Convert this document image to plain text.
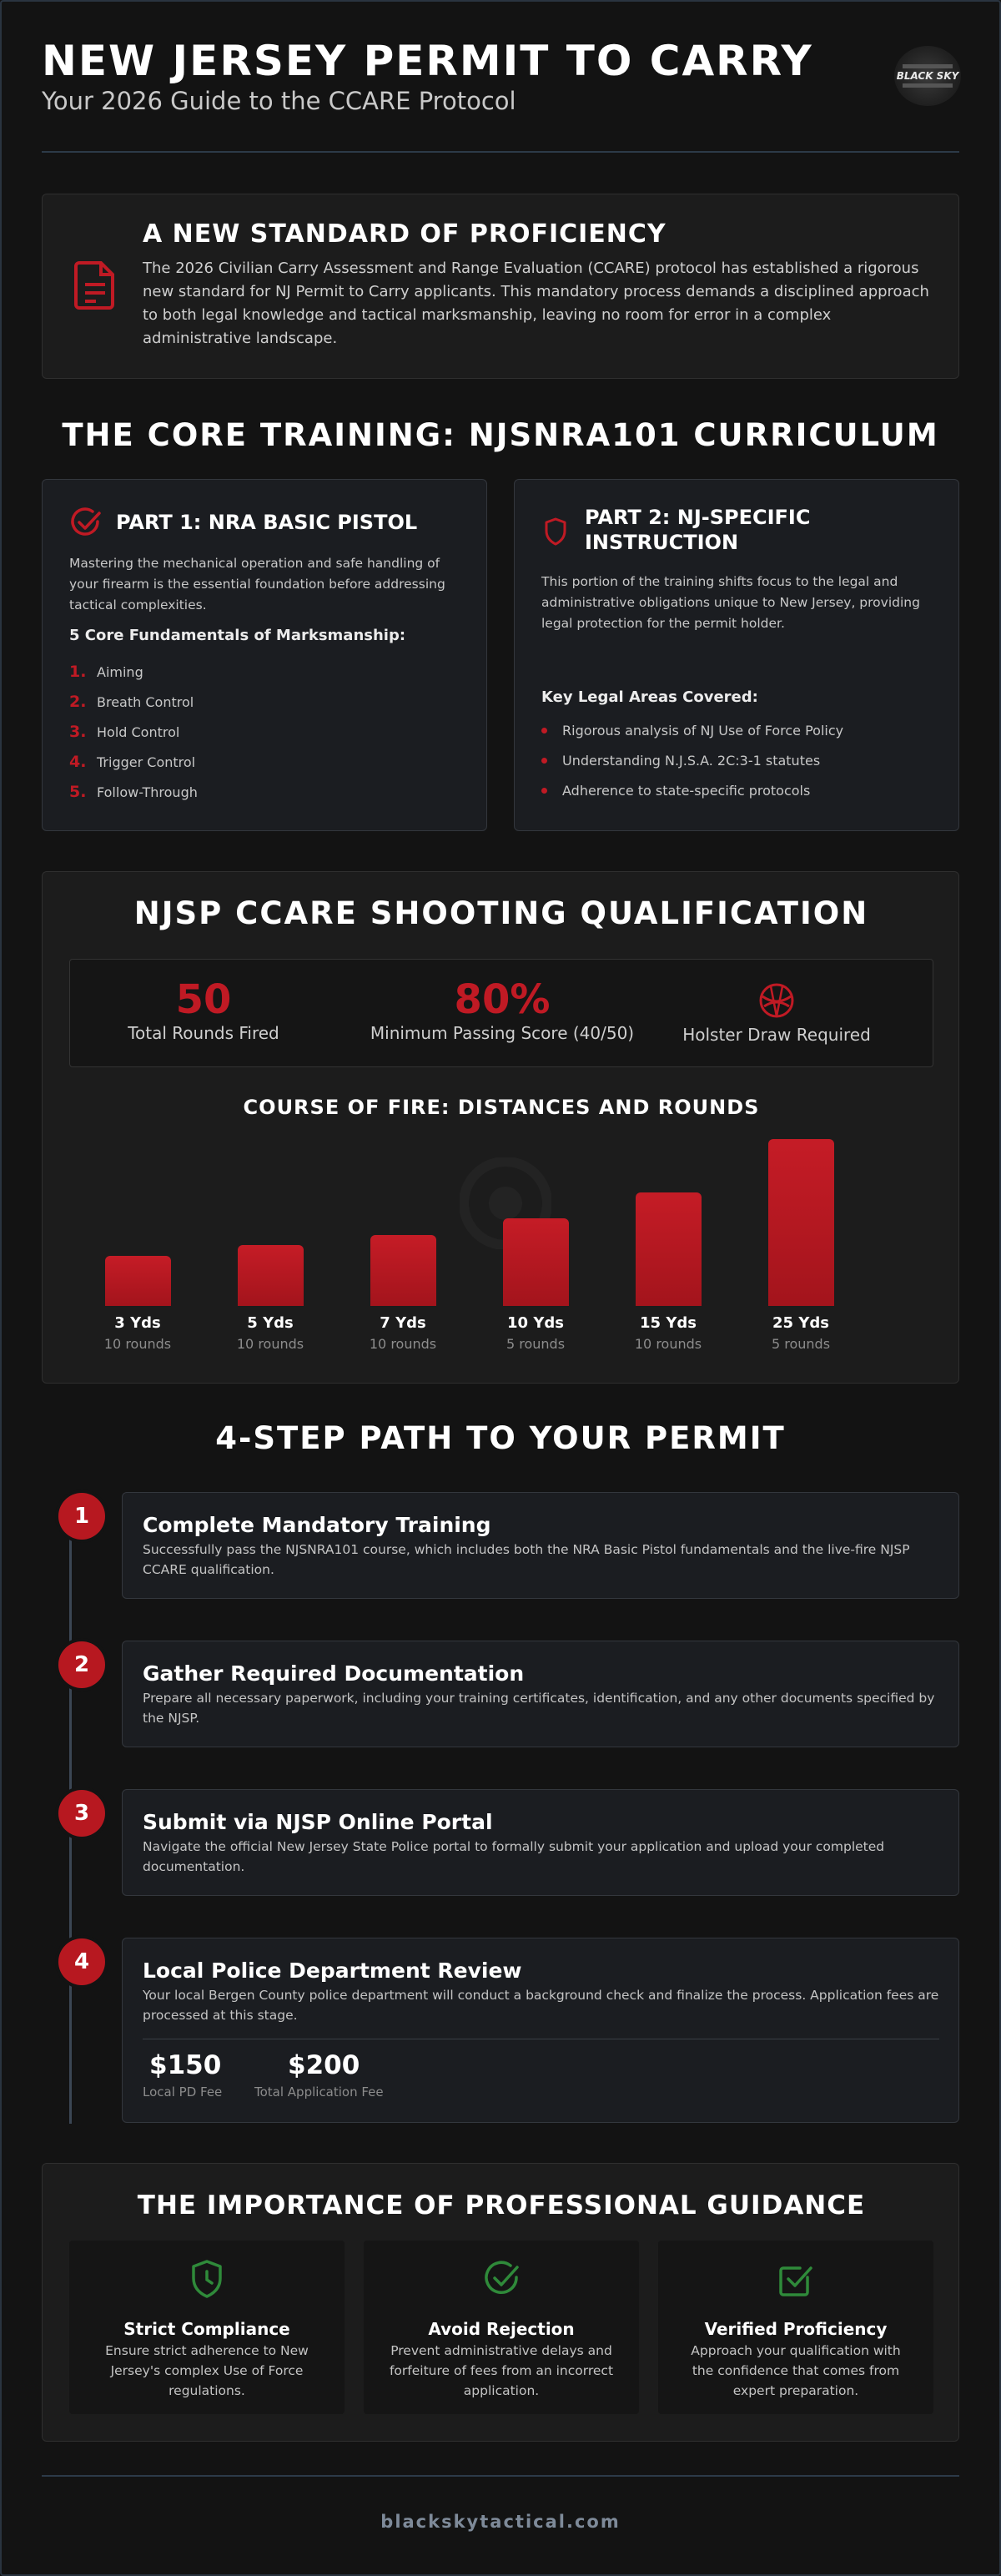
NEW JERSEY PERMIT TO CARRY
Your 2026 Guide to the CCARE Protocol
BLACK SKY
A NEW STANDARD OF PROFICIENCY
The 2026 Civilian Carry Assessment and Range Evaluation (CCARE) protocol has established a rigorous new standard for NJ Permit to Carry applicants. This mandatory process demands a disciplined approach to both legal knowledge and tactical marksmanship, leaving no room for error in a complex administrative landscape.
THE CORE TRAINING: NJSNRA101 CURRICULUM
PART 1: NRA BASIC PISTOL
Mastering the mechanical operation and safe handling of your firearm is the essential foundation before addressing tactical complexities.
5 Core Fundamentals of Marksmanship:
1. Aiming
2. Breath Control
3. Hold Control
4. Trigger Control
5. Follow-Through
PART 2: NJ-SPECIFIC
INSTRUCTION
This portion of the training shifts focus to the legal and administrative obligations unique to New Jersey, providing legal protection for the permit holder.
Key Legal Areas Covered:
Rigorous analysis of NJ Use of Force Policy
Understanding N.J.S.A. 2C:3-1 statutes
Adherence to state-specific protocols
NJSP CCARE SHOOTING QUALIFICATION
50
Total Rounds Fired
80%
Minimum Passing Score (40/50)	Holster Draw Required
COURSE OF FIRE: DISTANCES AND ROUNDS
3 Yds
10 rounds
5 Yds
10 rounds
7 Yds
10 rounds
10 Yds
5 rounds
15 Yds
10 rounds
25 Yds
5 rounds
4-STEP PATH TO YOUR PERMIT
1	Complete Mandatory Training
Successfully pass the NJSNRA101 course, which includes both the NRA Basic Pistol fundamentals and the live-fire NJSP CCARE qualification.
2	Gather Required Documentation
Prepare all necessary paperwork, including your training certificates, identification, and any other documents specified by the NJSP.
3	Submit via NJSP Online Portal
Navigate the official New Jersey State Police portal to formally submit your application and upload your completed documentation.
4	Local Police Department Review
Your local Bergen County police department will conduct a background check and finalize the process. Application fees are processed at this stage.
$150
Local PD Fee
$200
Total Application Fee
THE IMPORTANCE OF PROFESSIONAL GUIDANCE
Strict Compliance
Ensure strict adherence to New Jersey's complex Use of Force regulations.
Avoid Rejection
Prevent administrative delays and forfeiture of fees from an incorrect application.
Verified Proficiency
Approach your qualification with the confidence that comes from expert preparation.
blackskytactical.com
